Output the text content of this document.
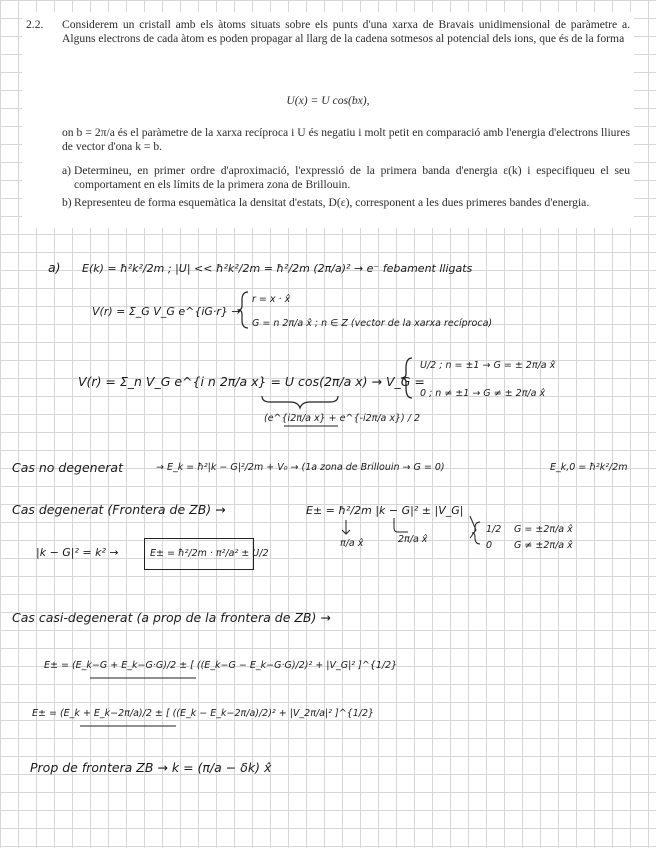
2.2. Considerem un cristall amb els àtoms situats sobre els punts d'una xarxa de Bravais unidimensional de paràmetre a. Alguns electrons de cada àtom es poden propagar al llarg de la cadena sotmesos al potencial dels ions, que és de la forma
U(x) = U cos(bx),
on b = 2π/a és el paràmetre de la xarxa recíproca i U és negatiu i molt petit en comparació amb l'energia d'electrons lliures de vector d'ona k = b.
a) Determineu, en primer ordre d'aproximació, l'expressió de la primera banda d'energia ε(k) i especifiqueu el seu comportament en els límits de la primera zona de Brillouin.
b) Representeu de forma esquemàtica la densitat d'estats, D(ε), corresponent a les dues primeres bandes d'energia.
a) E(k) = ħ²k²/2m ; |U| << ħ²k²/2m = ħ²/2m (2π/a)² → e⁻ febament lligats
V(r) = Σ_G V_G e^{iG·r} →
r = x · x̂
G = n 2π/a x̂ ; n ∈ Z (vector de la xarxa recíproca)
V(r) = Σ_n V_G e^{i n 2π/a x} = U cos(2π/a x) → V_G =
(e^{i2π/a x} + e^{-i2π/a x}) / 2
U/2 ; n = ±1 → G = ± 2π/a x̂
0 ; n ≠ ±1 → G ≠ ± 2π/a x̂
Cas no degenerat	→ E_k = ħ²|k − G|²/2m + V₀ → (1a zona de Brillouin → G = 0)	E_k,0 = ħ²k²/2m
Cas degenerat (Frontera de ZB) →	E± = ħ²/2m |k − G|² ± |V_G|
π/a x̂	2π/a x̂
1/2
0
G = ±2π/a x̂
G ≠ ±2π/a x̂
|k − G|² = k² →	E± = ħ²/2m · π²/a² ± U/2
Cas casi-degenerat (a prop de la frontera de ZB) →
E± = (E_k−G + E_k−G·G)/2 ± [ ((E_k−G − E_k−G·G)/2)² + |V_G|² ]^{1/2}
E± = (E_k + E_k−2π/a)/2 ± [ ((E_k − E_k−2π/a)/2)² + |V_2π/a|² ]^{1/2}
Prop de frontera ZB → k = (π/a − δk) x̂
